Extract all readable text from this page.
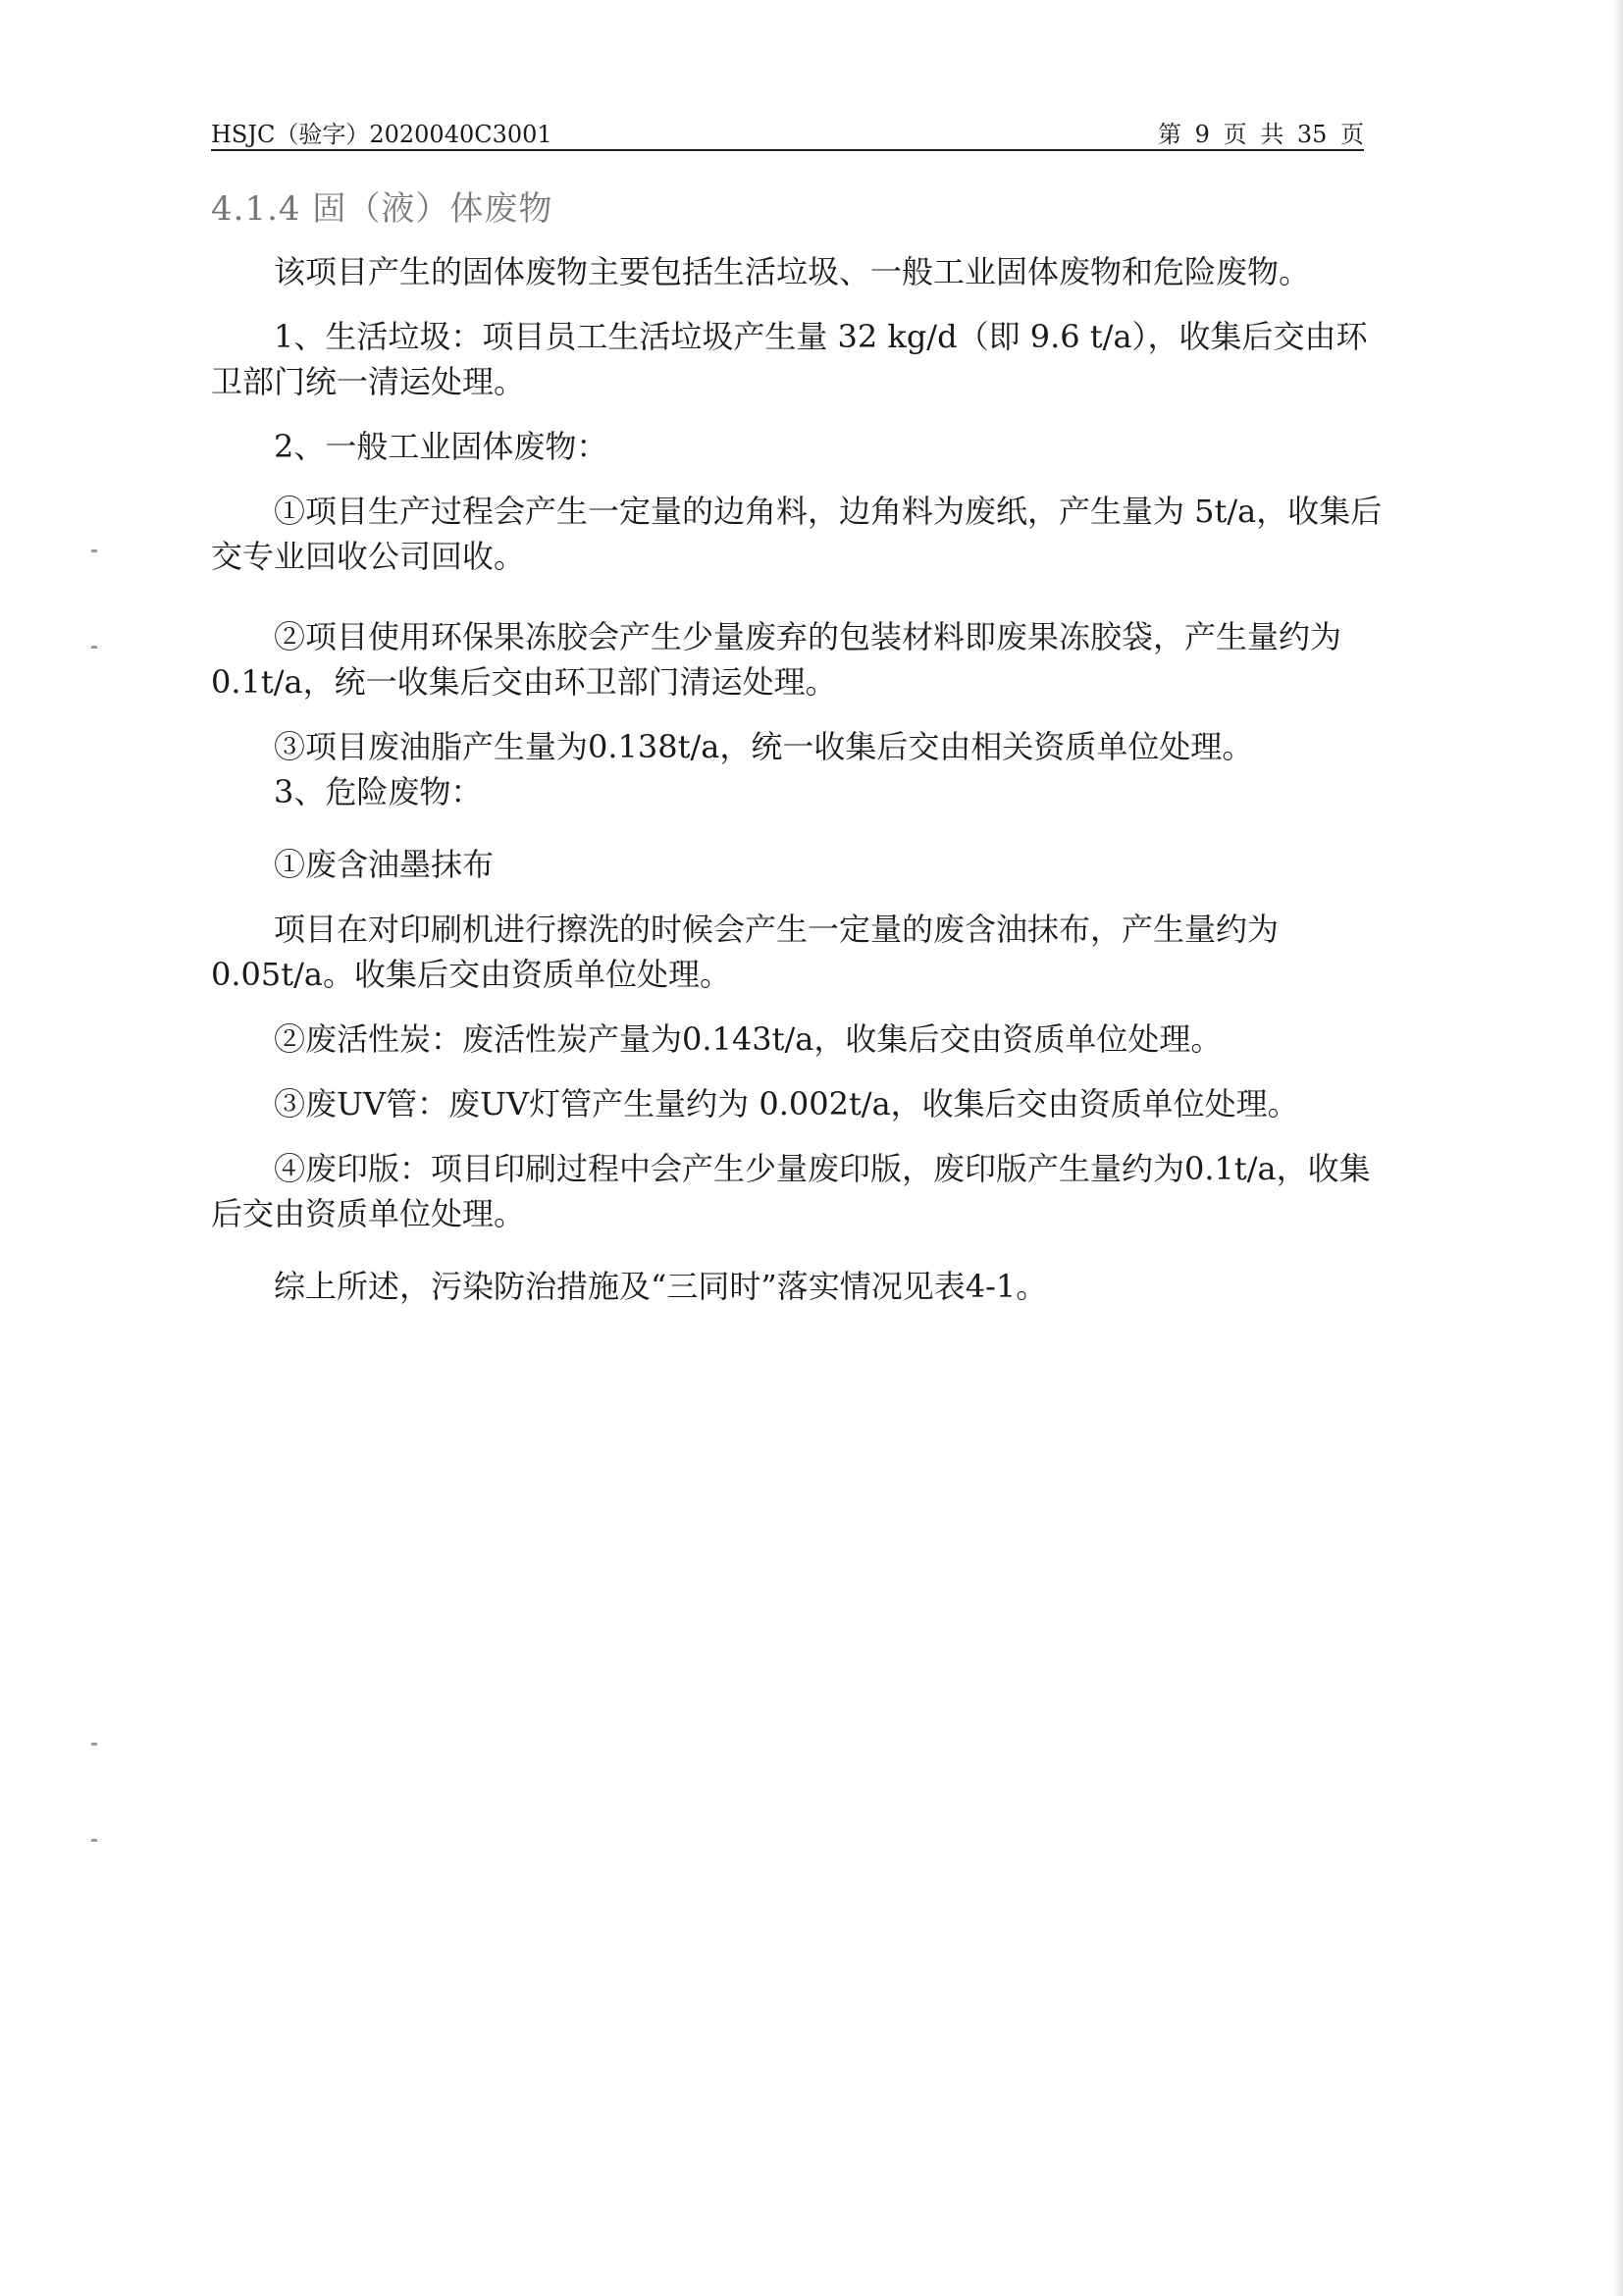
HSJC（验字）2020040C3001	第 9 页 共 35 页
4.1.4 固（液）体废物

该项目产生的固体废物主要包括生活垃圾、一般工业固体废物和危险废物。

1、生活垃圾：项目员工生活垃圾产生量 32 kg/d（即 9.6 t/a），收集后交由环卫部门统一清运处理。

2、一般工业固体废物：

①项目生产过程会产生一定量的边角料，边角料为废纸，产生量为 5t/a，收集后交专业回收公司回收。

②项目使用环保果冻胶会产生少量废弃的包装材料即废果冻胶袋，产生量约为0.1t/a，统一收集后交由环卫部门清运处理。

③项目废油脂产生量为0.138t/a，统一收集后交由相关资质单位处理。

3、危险废物：

①废含油墨抹布

项目在对印刷机进行擦洗的时候会产生一定量的废含油抹布，产生量约为0.05t/a。收集后交由资质单位处理。

②废活性炭：废活性炭产量为0.143t/a，收集后交由资质单位处理。

③废UV管：废UV灯管产生量约为 0.002t/a，收集后交由资质单位处理。

④废印版：项目印刷过程中会产生少量废印版，废印版产生量约为0.1t/a，收集后交由资质单位处理。

综上所述，污染防治措施及“三同时”落实情况见表4-1。
